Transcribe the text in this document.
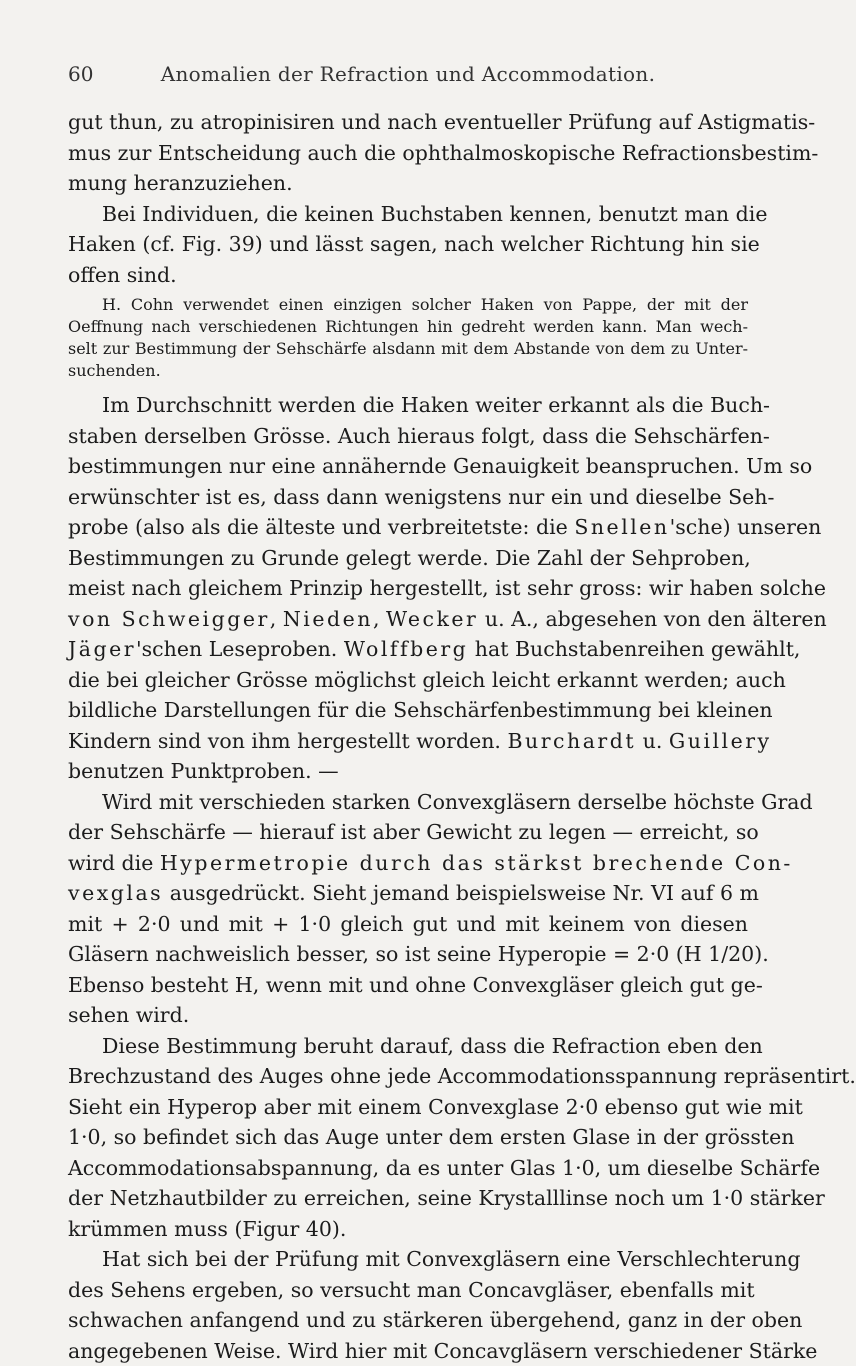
60	Anomalien der Refraction und Accommodation.
gut thun, zu atropinisiren und nach eventueller Prüfung auf Astigmatis-
mus zur Entscheidung auch die ophthalmoskopische Refractionsbestim-
mung heranzuziehen.
Bei Individuen, die keinen Buchstaben kennen, benutzt man die
Haken (cf. Fig. 39) und lässt sagen, nach welcher Richtung hin sie
offen sind.
H. Cohn verwendet einen einzigen solcher Haken von Pappe, der mit der
Oeffnung nach verschiedenen Richtungen hin gedreht werden kann. Man wech-
selt zur Bestimmung der Sehschärfe alsdann mit dem Abstande von dem zu Unter-
suchenden.
Im Durchschnitt werden die Haken weiter erkannt als die Buch-
staben derselben Grösse. Auch hieraus folgt, dass die Sehschärfen-
bestimmungen nur eine annähernde Genauigkeit beanspruchen. Um so
erwünschter ist es, dass dann wenigstens nur ein und dieselbe Seh-
probe (also als die älteste und verbreitetste: die Snellen'sche) unseren
Bestimmungen zu Grunde gelegt werde. Die Zahl der Sehproben,
meist nach gleichem Prinzip hergestellt, ist sehr gross: wir haben solche
von Schweigger, Nieden, Wecker u. A., abgesehen von den älteren
Jäger'schen Leseproben. Wolffberg hat Buchstabenreihen gewählt,
die bei gleicher Grösse möglichst gleich leicht erkannt werden; auch
bildliche Darstellungen für die Sehschärfenbestimmung bei kleinen
Kindern sind von ihm hergestellt worden. Burchardt u. Guillery
benutzen Punktproben. —
Wird mit verschieden starken Convexgläsern derselbe höchste Grad
der Sehschärfe — hierauf ist aber Gewicht zu legen — erreicht, so
wird die Hypermetropie durch das stärkst brechende Con-
vexglas ausgedrückt. Sieht jemand beispielsweise Nr. VI auf 6 m
mit + 2·0 und mit + 1·0 gleich gut und mit keinem von diesen
Gläsern nachweislich besser, so ist seine Hyperopie = 2·0 (H 1/20).
Ebenso besteht H, wenn mit und ohne Convexgläser gleich gut ge-
sehen wird.
Diese Bestimmung beruht darauf, dass die Refraction eben den
Brechzustand des Auges ohne jede Accommodationsspannung repräsentirt.
Sieht ein Hyperop aber mit einem Convexglase 2·0 ebenso gut wie mit
1·0, so befindet sich das Auge unter dem ersten Glase in der grössten
Accommodationsabspannung, da es unter Glas 1·0, um dieselbe Schärfe
der Netzhautbilder zu erreichen, seine Krystalllinse noch um 1·0 stärker
krümmen muss (Figur 40).
Hat sich bei der Prüfung mit Convexgläsern eine Verschlechterung
des Sehens ergeben, so versucht man Concavgläser, ebenfalls mit
schwachen anfangend und zu stärkeren übergehend, ganz in der oben
angegebenen Weise. Wird hier mit Concavgläsern verschiedener Stärke
